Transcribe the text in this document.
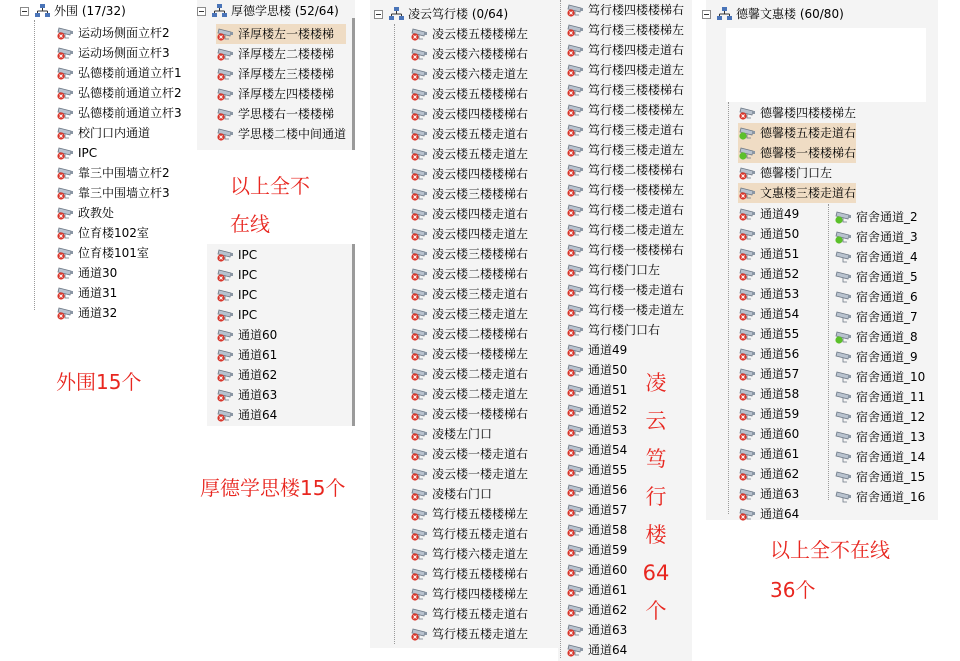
外围 (17/32)
运动场侧面立杆2
运动场侧面立杆3
弘德楼前通道立杆1
弘德楼前通道立杆2
弘德楼前通道立杆3
校门口内通道
IPC
靠三中围墙立杆2
靠三中围墙立杆3
政教处
位育楼102室
位育楼101室
通道30
通道31
通道32
厚德学思楼 (52/64)
泽厚楼左一楼楼梯
泽厚楼左二楼楼梯
泽厚楼左三楼楼梯
泽厚楼左四楼楼梯
学思楼右一楼楼梯
学思楼二楼中间通道
IPC
IPC
IPC
IPC
通道60
通道61
通道62
通道63
通道64
凌云笃行楼 (0/64)
凌云楼五楼楼梯左
凌云楼六楼楼梯右
凌云楼六楼走道左
凌云楼五楼楼梯右
凌云楼四楼楼梯右
凌云楼五楼走道右
凌云楼五楼走道左
凌云楼四楼楼梯右
凌云楼三楼楼梯右
凌云楼四楼走道右
凌云楼四楼走道左
凌云楼三楼楼梯右
凌云楼二楼楼梯右
凌云楼三楼走道右
凌云楼三楼走道左
凌云楼二楼楼梯右
凌云楼一楼楼梯左
凌云楼二楼走道右
凌云楼二楼走道左
凌云楼一楼楼梯右
凌楼左门口
凌云楼一楼走道右
凌云楼一楼走道左
凌楼右门口
笃行楼五楼楼梯左
笃行楼五楼走道右
笃行楼六楼走道左
笃行楼五楼楼梯右
笃行楼四楼楼梯左
笃行楼五楼走道右
笃行楼五楼走道左
笃行楼四楼楼梯右
笃行楼三楼楼梯左
笃行楼四楼走道右
笃行楼四楼走道左
笃行楼三楼楼梯右
笃行楼二楼楼梯左
笃行楼三楼走道右
笃行楼三楼走道左
笃行楼二楼楼梯右
笃行楼一楼楼梯左
笃行楼二楼走道右
笃行楼二楼走道左
笃行楼一楼楼梯右
笃行楼门口左
笃行楼一楼走道右
笃行楼一楼走道左
笃行楼门口右
通道49
通道50
通道51
通道52
通道53
通道54
通道55
通道56
通道57
通道58
通道59
通道60
通道61
通道62
通道63
通道64
德馨文惠楼 (60/80)
德馨楼四楼楼梯左
德馨楼五楼走道右
德馨楼一楼楼梯右
德馨楼门口左
文惠楼三楼走道右
通道49
通道50
通道51
通道52
通道53
通道54
通道55
通道56
通道57
通道58
通道59
通道60
通道61
通道62
通道63
通道64
宿舍通道_2
宿舍通道_3
宿舍通道_4
宿舍通道_5
宿舍通道_6
宿舍通道_7
宿舍通道_8
宿舍通道_9
宿舍通道_10
宿舍通道_11
宿舍通道_12
宿舍通道_13
宿舍通道_14
宿舍通道_15
宿舍通道_16
外围15个
以上全不
在线
厚德学思楼15个
凌
云
笃
行
楼
64
个
以上全不在线
36个
